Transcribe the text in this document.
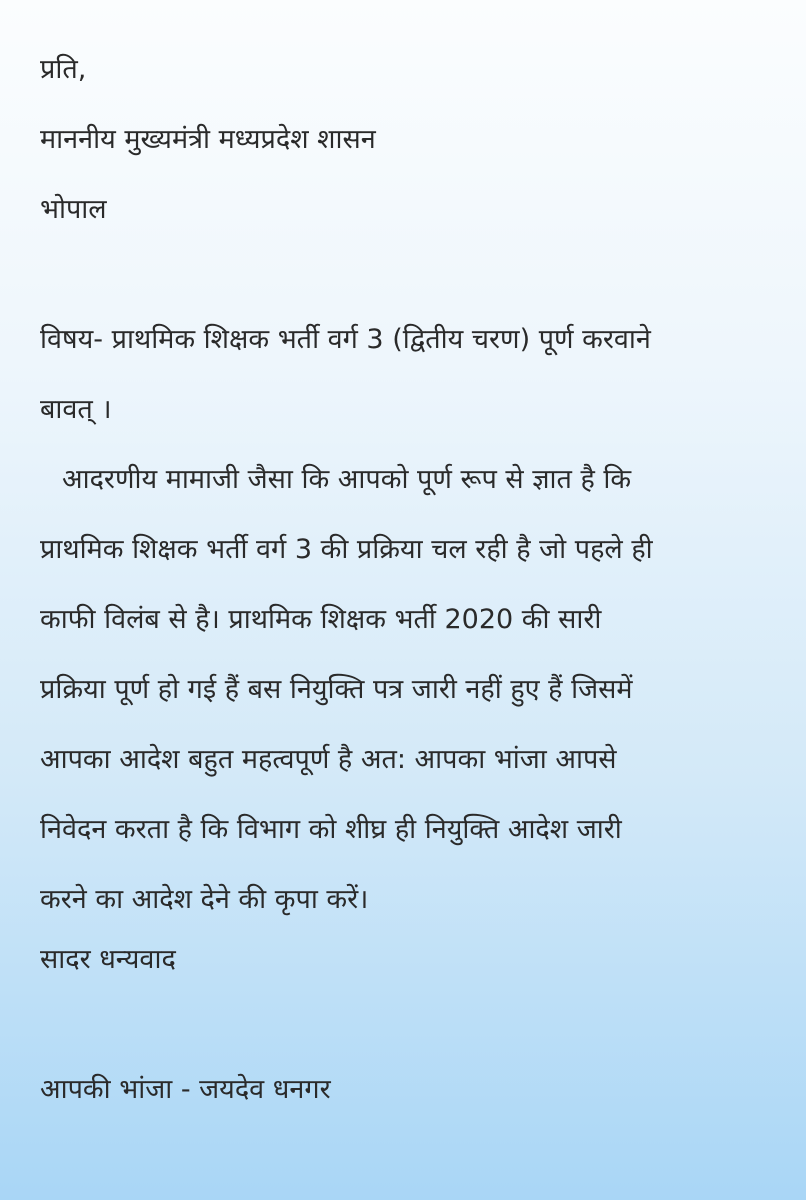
प्रति,

माननीय मुख्यमंत्री मध्यप्रदेश शासन

भोपाल

विषय- प्राथमिक शिक्षक भर्ती वर्ग 3 (द्वितीय चरण) पूर्ण करवाने

बावत् ।

आदरणीय मामाजी जैसा कि आपको पूर्ण रूप से ज्ञात है कि

प्राथमिक शिक्षक भर्ती वर्ग 3 की प्रक्रिया चल रही है जो पहले ही

काफी विलंब से है। प्राथमिक शिक्षक भर्ती 2020 की सारी

प्रक्रिया पूर्ण हो गई हैं बस नियुक्ति पत्र जारी नहीं हुए हैं जिसमें

आपका आदेश बहुत महत्वपूर्ण है अत: आपका भांजा आपसे

निवेदन करता है कि विभाग को शीघ्र ही नियुक्ति आदेश जारी

करने का आदेश देने की कृपा करें।

सादर धन्यवाद

आपकी भांजा - जयदेव धनगर
